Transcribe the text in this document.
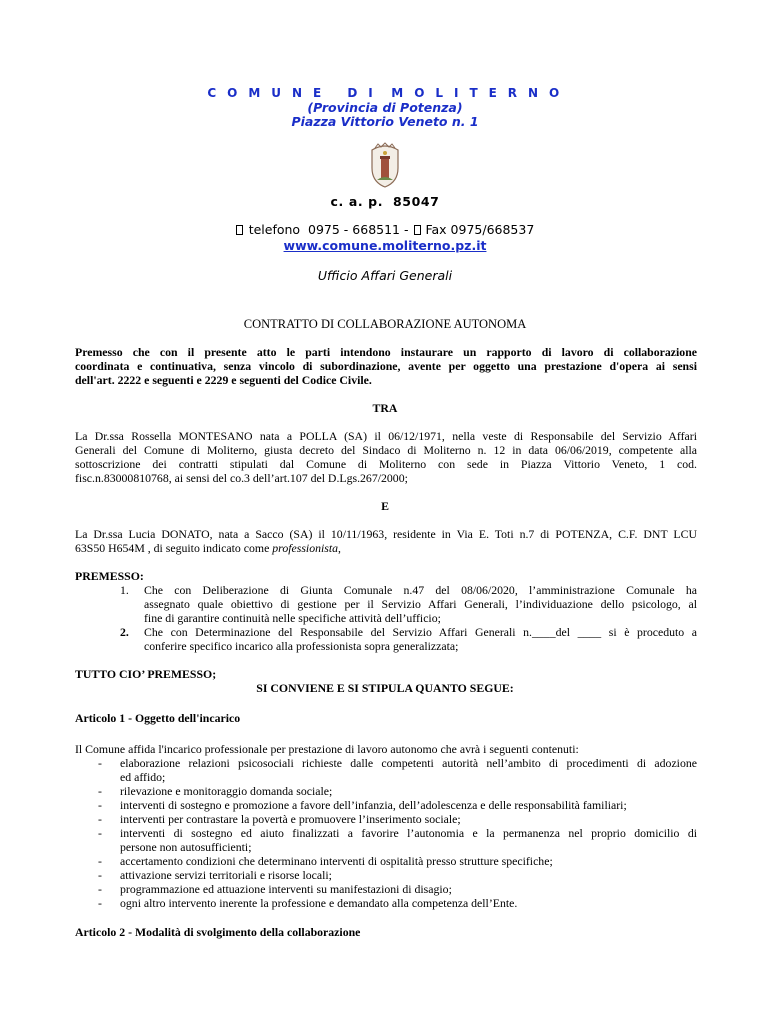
C O M U N E   D I  M O L I T E R N O
(Provincia di Potenza)
Piazza Vittorio Veneto n. 1
c. a. p.  85047
telefono  0975 - 668511 - Fax 0975/668537
www.comune.moliterno.pz.it
Ufficio Affari Generali
CONTRATTO DI COLLABORAZIONE AUTONOMA
Premesso che con il presente atto le parti intendono instaurare un rapporto di lavoro di collaborazione
coordinata e continuativa, senza vincolo di subordinazione, avente per oggetto una prestazione d'opera ai sensi
dell'art. 2222 e seguenti e 2229 e seguenti del Codice Civile.
TRA
La Dr.ssa Rossella MONTESANO nata a POLLA (SA) il 06/12/1971, nella veste di Responsabile del Servizio Affari
Generali del Comune di Moliterno, giusta decreto del Sindaco di Moliterno n. 12 in data 06/06/2019, competente alla
sottoscrizione dei contratti stipulati dal Comune di Moliterno con sede in Piazza Vittorio Veneto, 1 cod.
fisc.n.83000810768, ai sensi del co.3 dell’art.107 del D.Lgs.267/2000;
E
La Dr.ssa Lucia DONATO, nata a Sacco (SA) il 10/11/1963, residente in Via E. Toti n.7 di POTENZA, C.F. DNT LCU
63S50 H654M , di seguito indicato come professionista,
PREMESSO:
1. Che con Deliberazione di Giunta Comunale n.47 del 08/06/2020, l’amministrazione Comunale ha
assegnato quale obiettivo di gestione per il Servizio Affari Generali, l’individuazione dello psicologo, al
fine di garantire continuità nelle specifiche attività dell’ufficio;
2. Che con Determinazione del Responsabile del Servizio Affari Generali n.____del ____ si è proceduto a
conferire specifico incarico alla professionista sopra generalizzata;
TUTTO CIO’ PREMESSO;
SI CONVIENE E SI STIPULA QUANTO SEGUE:
Articolo 1 - Oggetto dell'incarico
Il Comune affida l'incarico professionale per prestazione di lavoro autonomo che avrà i seguenti contenuti:
- elaborazione relazioni psicosociali richieste dalle competenti autorità nell’ambito di procedimenti di adozione
ed affido;
- rilevazione e monitoraggio domanda sociale;
- interventi di sostegno e promozione a favore dell’infanzia, dell’adolescenza e delle responsabilità familiari;
- interventi per contrastare la povertà e promuovere l’inserimento sociale;
- interventi di sostegno ed aiuto finalizzati a favorire l’autonomia e la permanenza nel proprio domicilio di
persone non autosufficienti;
- accertamento condizioni che determinano interventi di ospitalità presso strutture specifiche;
- attivazione servizi territoriali e risorse locali;
- programmazione ed attuazione interventi su manifestazioni di disagio;
- ogni altro intervento inerente la professione e demandato alla competenza dell’Ente.
Articolo 2 - Modalità di svolgimento della collaborazione
